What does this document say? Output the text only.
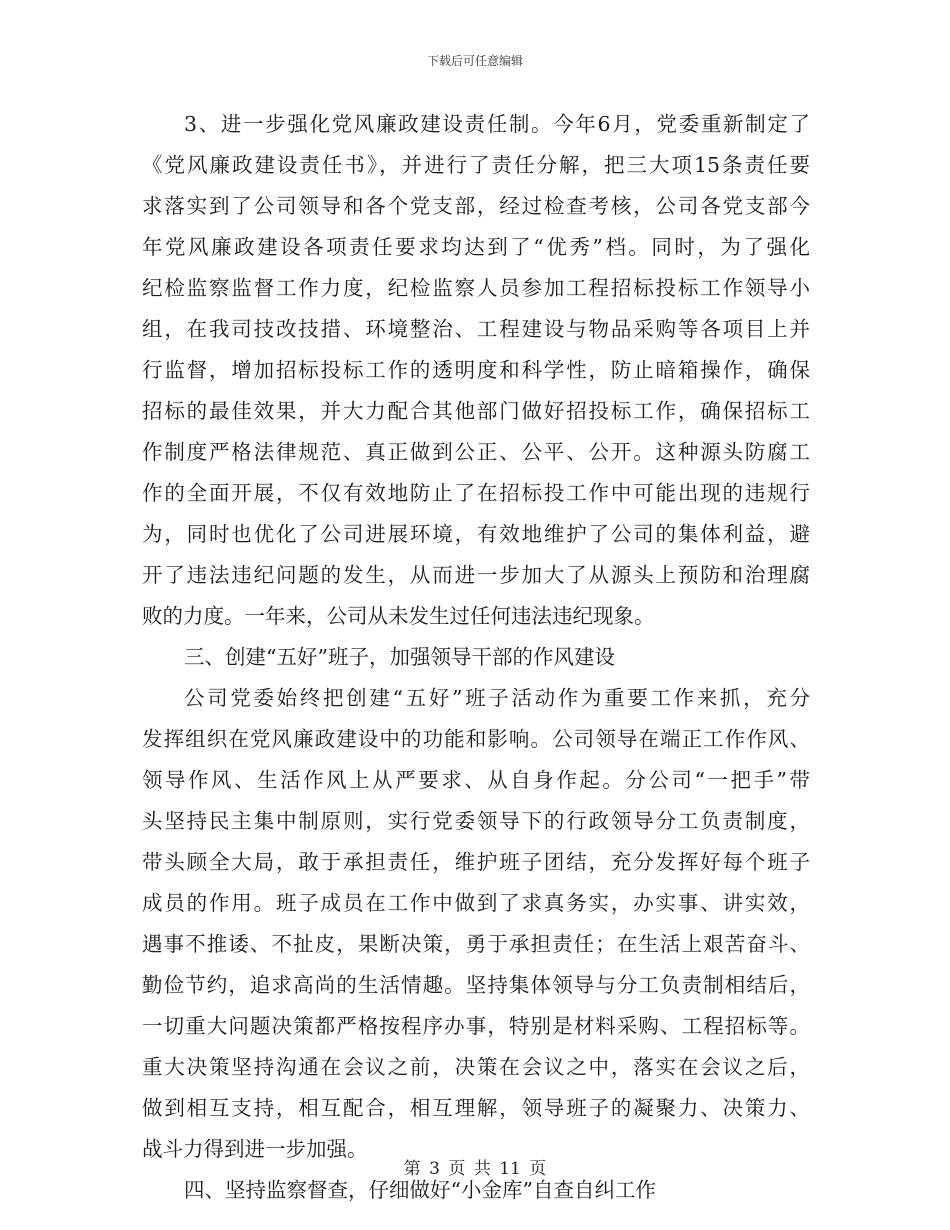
下载后可任意编辑
3、进一步强化党风廉政建设责任制。今年6月，党委重新制定了
《党风廉政建设责任书》，并进行了责任分解，把三大项15条责任要
求落实到了公司领导和各个党支部，经过检查考核，公司各党支部今
年党风廉政建设各项责任要求均达到了“优秀”档。同时，为了强化
纪检监察监督工作力度，纪检监察人员参加工程招标投标工作领导小
组，在我司技改技措、环境整治、工程建设与物品采购等各项目上并
行监督，增加招标投标工作的透明度和科学性，防止暗箱操作，确保
招标的最佳效果，并大力配合其他部门做好招投标工作，确保招标工
作制度严格法律规范、真正做到公正、公平、公开。这种源头防腐工
作的全面开展，不仅有效地防止了在招标投工作中可能出现的违规行
为，同时也优化了公司进展环境，有效地维护了公司的集体利益，避
开了违法违纪问题的发生，从而进一步加大了从源头上预防和治理腐
败的力度。一年来，公司从未发生过任何违法违纪现象。
三、创建“五好”班子，加强领导干部的作风建设
公司党委始终把创建“五好”班子活动作为重要工作来抓，充分
发挥组织在党风廉政建设中的功能和影响。公司领导在端正工作作风、
领导作风、生活作风上从严要求、从自身作起。分公司“一把手”带
头坚持民主集中制原则，实行党委领导下的行政领导分工负责制度，
带头顾全大局，敢于承担责任，维护班子团结，充分发挥好每个班子
成员的作用。班子成员在工作中做到了求真务实，办实事、讲实效，
遇事不推诿、不扯皮，果断决策，勇于承担责任；在生活上艰苦奋斗、
勤俭节约，追求高尚的生活情趣。坚持集体领导与分工负责制相结后，
一切重大问题决策都严格按程序办事，特别是材料采购、工程招标等。
重大决策坚持沟通在会议之前，决策在会议之中，落实在会议之后，
做到相互支持，相互配合，相互理解，领导班子的凝聚力、决策力、
战斗力得到进一步加强。
四、坚持监察督查，仔细做好“小金库”自查自纠工作
第 3 页 共 11 页
